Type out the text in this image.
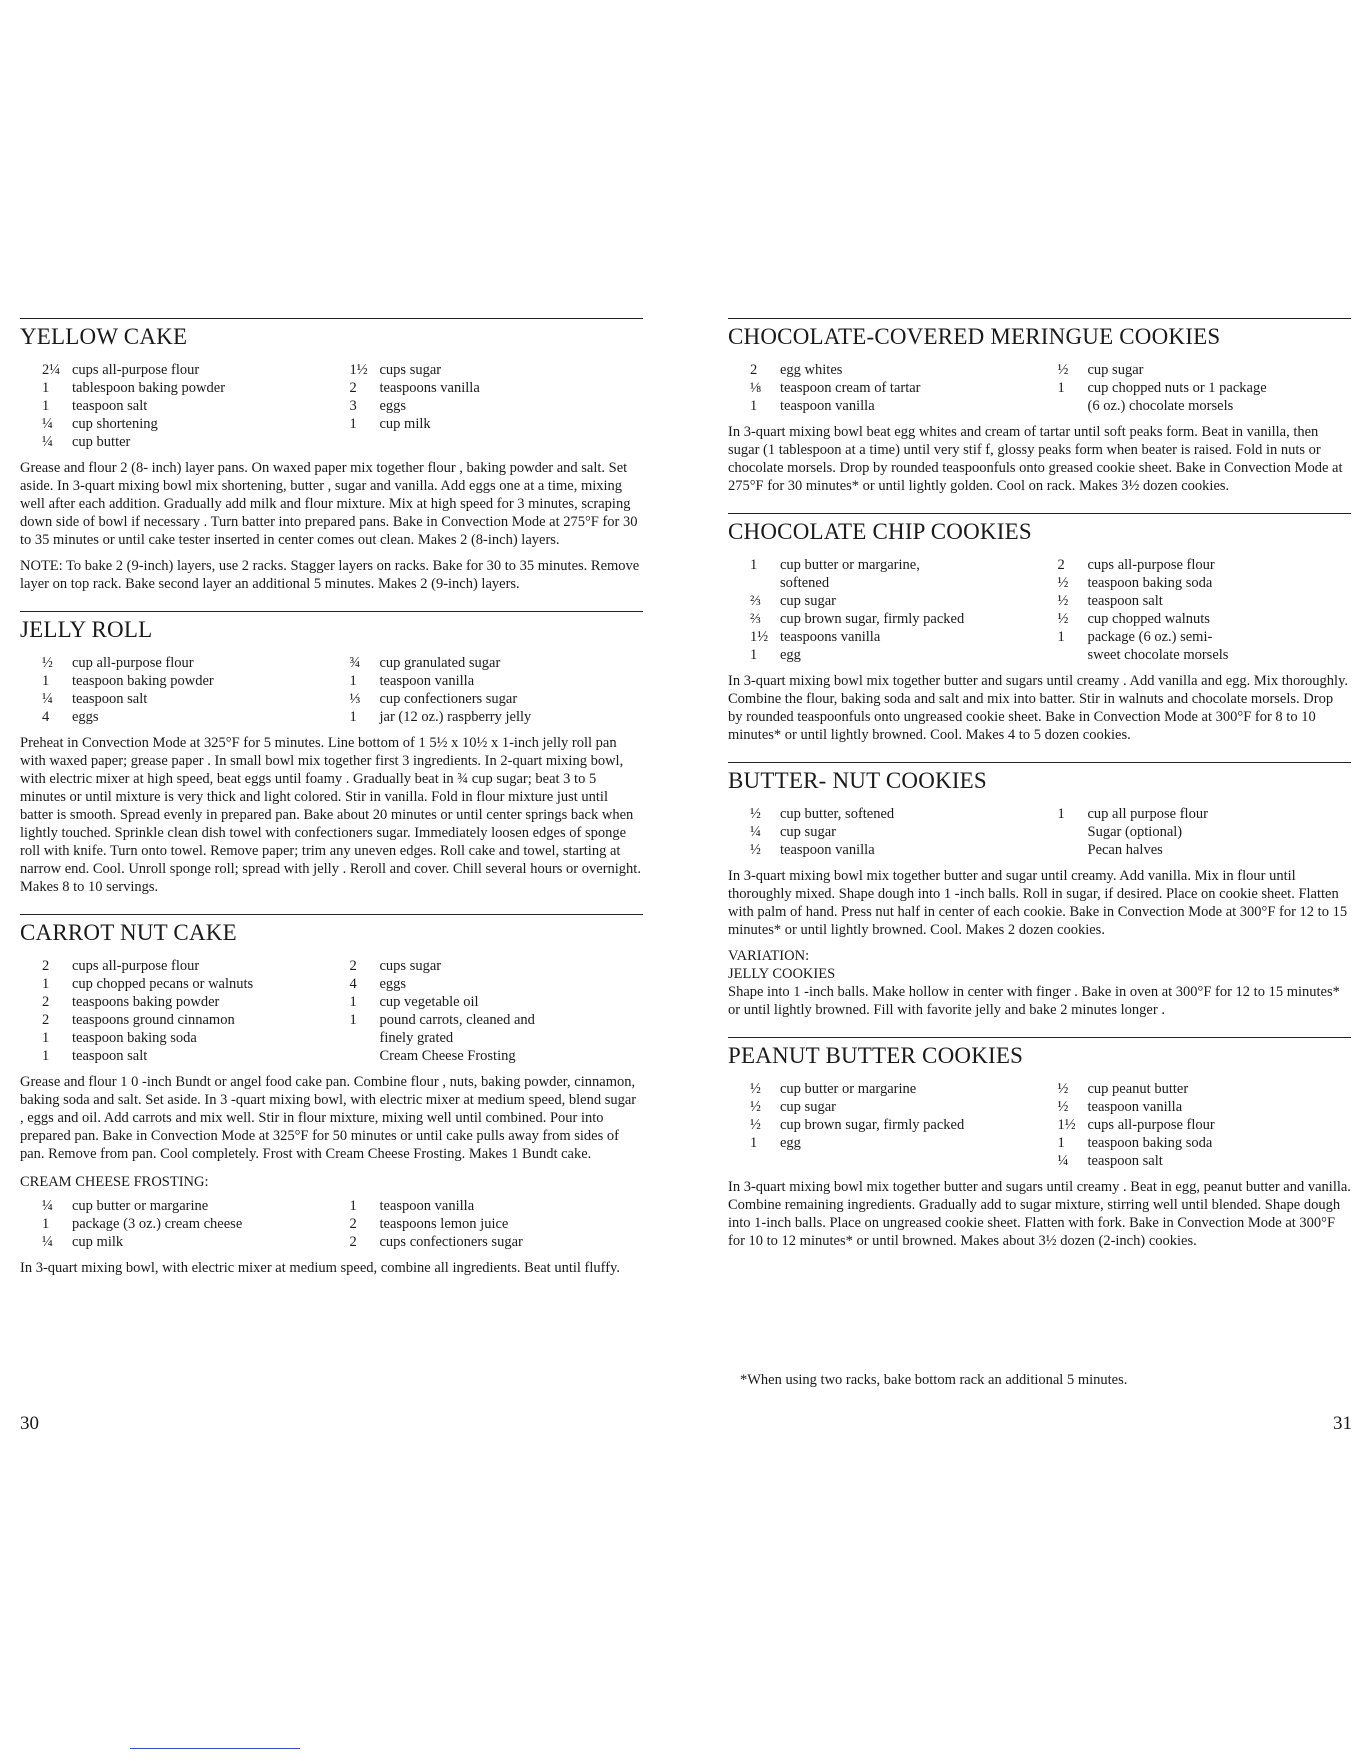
YELLOW CAKE
2¼ cups all-purpose flour
1	tablespoon baking powder
1	teaspoon salt
¼	cup shortening
¼	cup butter
1½ cups sugar
2	teaspoons vanilla
3	eggs
1	cup milk

Grease and flour 2 (8- inch) layer pans. On waxed paper mix together flour , baking powder and salt. Set aside. In 3-quart mixing bowl mix shortening, butter , sugar and vanilla. Add eggs one at a time, mixing well after each addition. Gradually add milk and flour mixture. Mix at high speed for 3 minutes, scraping down side of bowl if necessary . Turn batter into prepared pans. Bake in Convection Mode at 275°F for 30 to 35 minutes or until cake tester inserted in center comes out clean. Makes 2 (8-inch) layers.

NOTE: To bake 2 (9-inch) layers, use 2 racks. Stagger layers on racks. Bake for 30 to 35 minutes. Remove layer on top rack. Bake second layer an additional 5 minutes. Makes 2 (9-inch) layers.

JELLY ROLL
½	cup all-purpose flour
1	teaspoon baking powder
¼	teaspoon salt
4	eggs
¾	cup granulated sugar
1	teaspoon vanilla
⅓	cup confectioners sugar
1	jar (12 oz.) raspberry jelly

Preheat in Convection Mode at 325°F for 5 minutes. Line bottom of 1 5½ x 10½ x 1-inch jelly roll pan with waxed paper; grease paper . In small bowl mix together first 3 ingredients. In 2-quart mixing bowl, with electric mixer at high speed, beat eggs until foamy . Gradually beat in ¾ cup sugar; beat 3 to 5 minutes or until mixture is very thick and light colored. Stir in vanilla. Fold in flour mixture just until batter is smooth. Spread evenly in prepared pan. Bake about 20 minutes or until center springs back when lightly touched. Sprinkle clean dish towel with confectioners sugar. Immediately loosen edges of sponge roll with knife. Turn onto towel. Remove paper; trim any uneven edges. Roll cake and towel, starting at narrow end. Cool. Unroll sponge roll; spread with jelly . Reroll and cover. Chill several hours or overnight. Makes 8 to 10 servings.

CARROT NUT CAKE
2	cups all-purpose flour
1	cup chopped pecans or walnuts
2	teaspoons baking powder
2	teaspoons ground cinnamon
1	teaspoon baking soda
1	teaspoon salt
2	cups sugar
4	eggs
1	cup vegetable oil
1	pound carrots, cleaned and
finely grated
Cream Cheese Frosting

Grease and flour 1 0 -inch Bundt or angel food cake pan. Combine flour , nuts, baking powder, cinnamon, baking soda and salt. Set aside. In 3 -quart mixing bowl, with electric mixer at medium speed, blend sugar , eggs and oil. Add carrots and mix well. Stir in flour mixture, mixing well until combined. Pour into prepared pan. Bake in Convection Mode at 325°F for 50 minutes or until cake pulls away from sides of pan. Remove from pan. Cool completely. Frost with Cream Cheese Frosting. Makes 1 Bundt cake.

CREAM CHEESE FROSTING:
¼	cup butter or margarine
1	package (3 oz.) cream cheese
¼	cup milk
1	teaspoon vanilla
2	teaspoons lemon juice
2	cups confectioners sugar

In 3-quart mixing bowl, with electric mixer at medium speed, combine all ingredients. Beat until fluffy.

CHOCOLATE-COVERED MERINGUE COOKIES
2	egg whites
⅛	teaspoon cream of tartar
1	teaspoon vanilla
½	cup sugar
1	cup chopped nuts or 1 package
(6 oz.) chocolate morsels

In 3-quart mixing bowl beat egg whites and cream of tartar until soft peaks form. Beat in vanilla, then sugar (1 tablespoon at a time) until very stif f, glossy peaks form when beater is raised. Fold in nuts or chocolate morsels. Drop by rounded teaspoonfuls onto greased cookie sheet. Bake in Convection Mode at 275°F for 30 minutes* or until lightly golden. Cool on rack. Makes 3½ dozen cookies.

CHOCOLATE CHIP COOKIES
1	cup butter or margarine,
softened
⅔	cup sugar
⅔	cup brown sugar, firmly packed
1½ teaspoons vanilla
1	egg
2	cups all-purpose flour
½	teaspoon baking soda
½	teaspoon salt
½	cup chopped walnuts
1	package (6 oz.) semi-
sweet chocolate morsels

In 3-quart mixing bowl mix together butter and sugars until creamy . Add vanilla and egg. Mix thoroughly. Combine the flour, baking soda and salt and mix into batter. Stir in walnuts and chocolate morsels. Drop by rounded teaspoonfuls onto ungreased cookie sheet. Bake in Convection Mode at 300°F for 8 to 10 minutes* or until lightly browned. Cool. Makes 4 to 5 dozen cookies.

BUTTER- NUT COOKIES
½	cup butter, softened
¼	cup sugar
½	teaspoon vanilla
1	cup all purpose flour
Sugar (optional)
Pecan halves

In 3-quart mixing bowl mix together butter and sugar until creamy. Add vanilla. Mix in flour until thoroughly mixed. Shape dough into 1 -inch balls. Roll in sugar, if desired. Place on cookie sheet. Flatten with palm of hand. Press nut half in center of each cookie. Bake in Convection Mode at 300°F for 12 to 15 minutes* or until lightly browned. Cool. Makes 2 dozen cookies.

VARIATION:
JELLY COOKIES

Shape into 1 -inch balls. Make hollow in center with finger . Bake in oven at 300°F for 12 to 15 minutes* or until lightly browned. Fill with favorite jelly and bake 2 minutes longer .

PEANUT BUTTER COOKIES
½	cup butter or margarine
½	cup sugar
½	cup brown sugar, firmly packed
1	egg
½	cup peanut butter
½	teaspoon vanilla
1½ cups all-purpose flour
1	teaspoon baking soda
¼	teaspoon salt

In 3-quart mixing bowl mix together butter and sugars until creamy . Beat in egg, peanut butter and vanilla. Combine remaining ingredients. Gradually add to sugar mixture, stirring well until blended. Shape dough into 1-inch balls. Place on ungreased cookie sheet. Flatten with fork. Bake in Convection Mode at 300°F for 10 to 12 minutes* or until browned. Makes about 3½ dozen (2-inch) cookies.

*When using two racks, bake bottom rack an additional 5 minutes.
30	31
